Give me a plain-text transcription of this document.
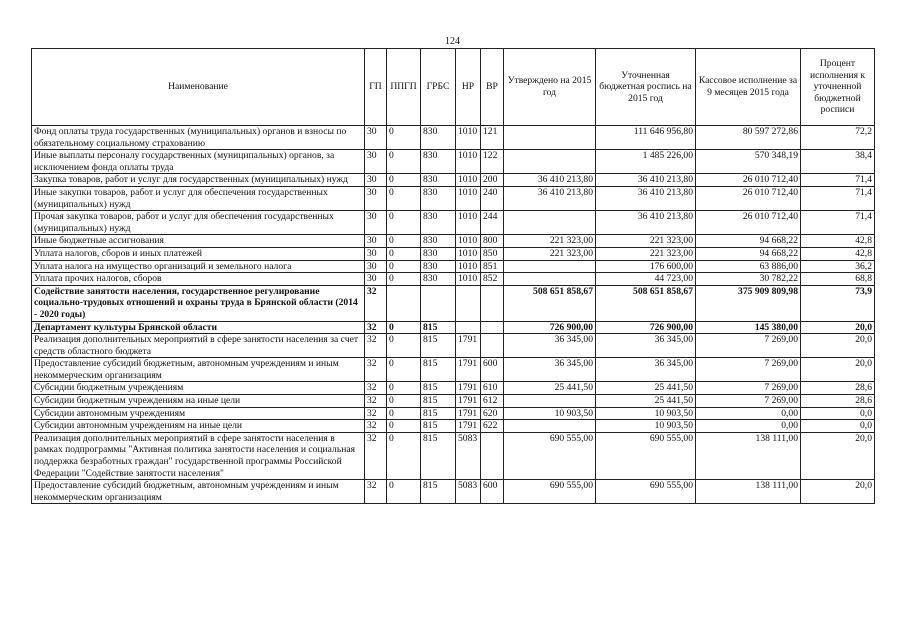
124
Наименование	ГП	ППГП	ГРБС	НР	ВР	Утверждено на 2015 год	Уточненная бюджетная роспись на 2015 год	Кассовое исполнение за 9 месяцев 2015 года	Процент исполнения к уточненной бюджетной росписи
Фонд оплаты труда государственных (муниципальных) органов и взносы по обязательному социальному страхованию	30	0	830	1010	121		111 646 956,80	80 597 272,86	72,2
Иные выплаты персоналу государственных (муниципальных) органов, за исключением фонда оплаты труда	30	0	830	1010	122		1 485 226,00	570 348,19	38,4
Закупка товаров, работ и услуг для государственных (муниципальных) нужд	30	0	830	1010	200	36 410 213,80	36 410 213,80	26 010 712,40	71,4
Иные закупки товаров, работ и услуг для обеспечения государственных (муниципальных) нужд	30	0	830	1010	240	36 410 213,80	36 410 213,80	26 010 712,40	71,4
Прочая закупка товаров, работ и услуг для обеспечения государственных (муниципальных) нужд	30	0	830	1010	244		36 410 213,80	26 010 712,40	71,4
Иные бюджетные ассигнования	30	0	830	1010	800	221 323,00	221 323,00	94 668,22	42,8
Уплата налогов, сборов и иных платежей	30	0	830	1010	850	221 323,00	221 323,00	94 668,22	42,8
Уплата налога на имущество организаций и земельного налога	30	0	830	1010	851		176 600,00	63 886,00	36,2
Уплата прочих налогов, сборов	30	0	830	1010	852		44 723,00	30 782,22	68,8
Содействие занятости населения, государственное регулирование социально-трудовых отношений и охраны труда в Брянской области (2014 - 2020 годы)	32					508 651 858,67	508 651 858,67	375 909 809,98	73,9
Департамент культуры Брянской области	32	0	815			726 900,00	726 900,00	145 380,00	20,0
Реализация дополнительных мероприятий в сфере занятости населения за счет средств областного бюджета	32	0	815	1791		36 345,00	36 345,00	7 269,00	20,0
Предоставление субсидий бюджетным, автономным учреждениям и иным некоммерческим организациям	32	0	815	1791	600	36 345,00	36 345,00	7 269,00	20,0
Субсидии бюджетным учреждениям	32	0	815	1791	610	25 441,50	25 441,50	7 269,00	28,6
Субсидии бюджетным учреждениям на иные цели	32	0	815	1791	612		25 441,50	7 269,00	28,6
Субсидии автономным учреждениям	32	0	815	1791	620	10 903,50	10 903,50	0,00	0,0
Субсидии автономным учреждениям на иные цели	32	0	815	1791	622		10 903,50	0,00	0,0
Реализация дополнительных мероприятий в сфере занятости населения в рамках подпрограммы "Активная политика занятости населения и социальная поддержка безработных граждан" государственной программы Российской Федерации "Содействие занятости населения"	32	0	815	5083		690 555,00	690 555,00	138 111,00	20,0
Предоставление субсидий бюджетным, автономным учреждениям и иным некоммерческим организациям	32	0	815	5083	600	690 555,00	690 555,00	138 111,00	20,0
